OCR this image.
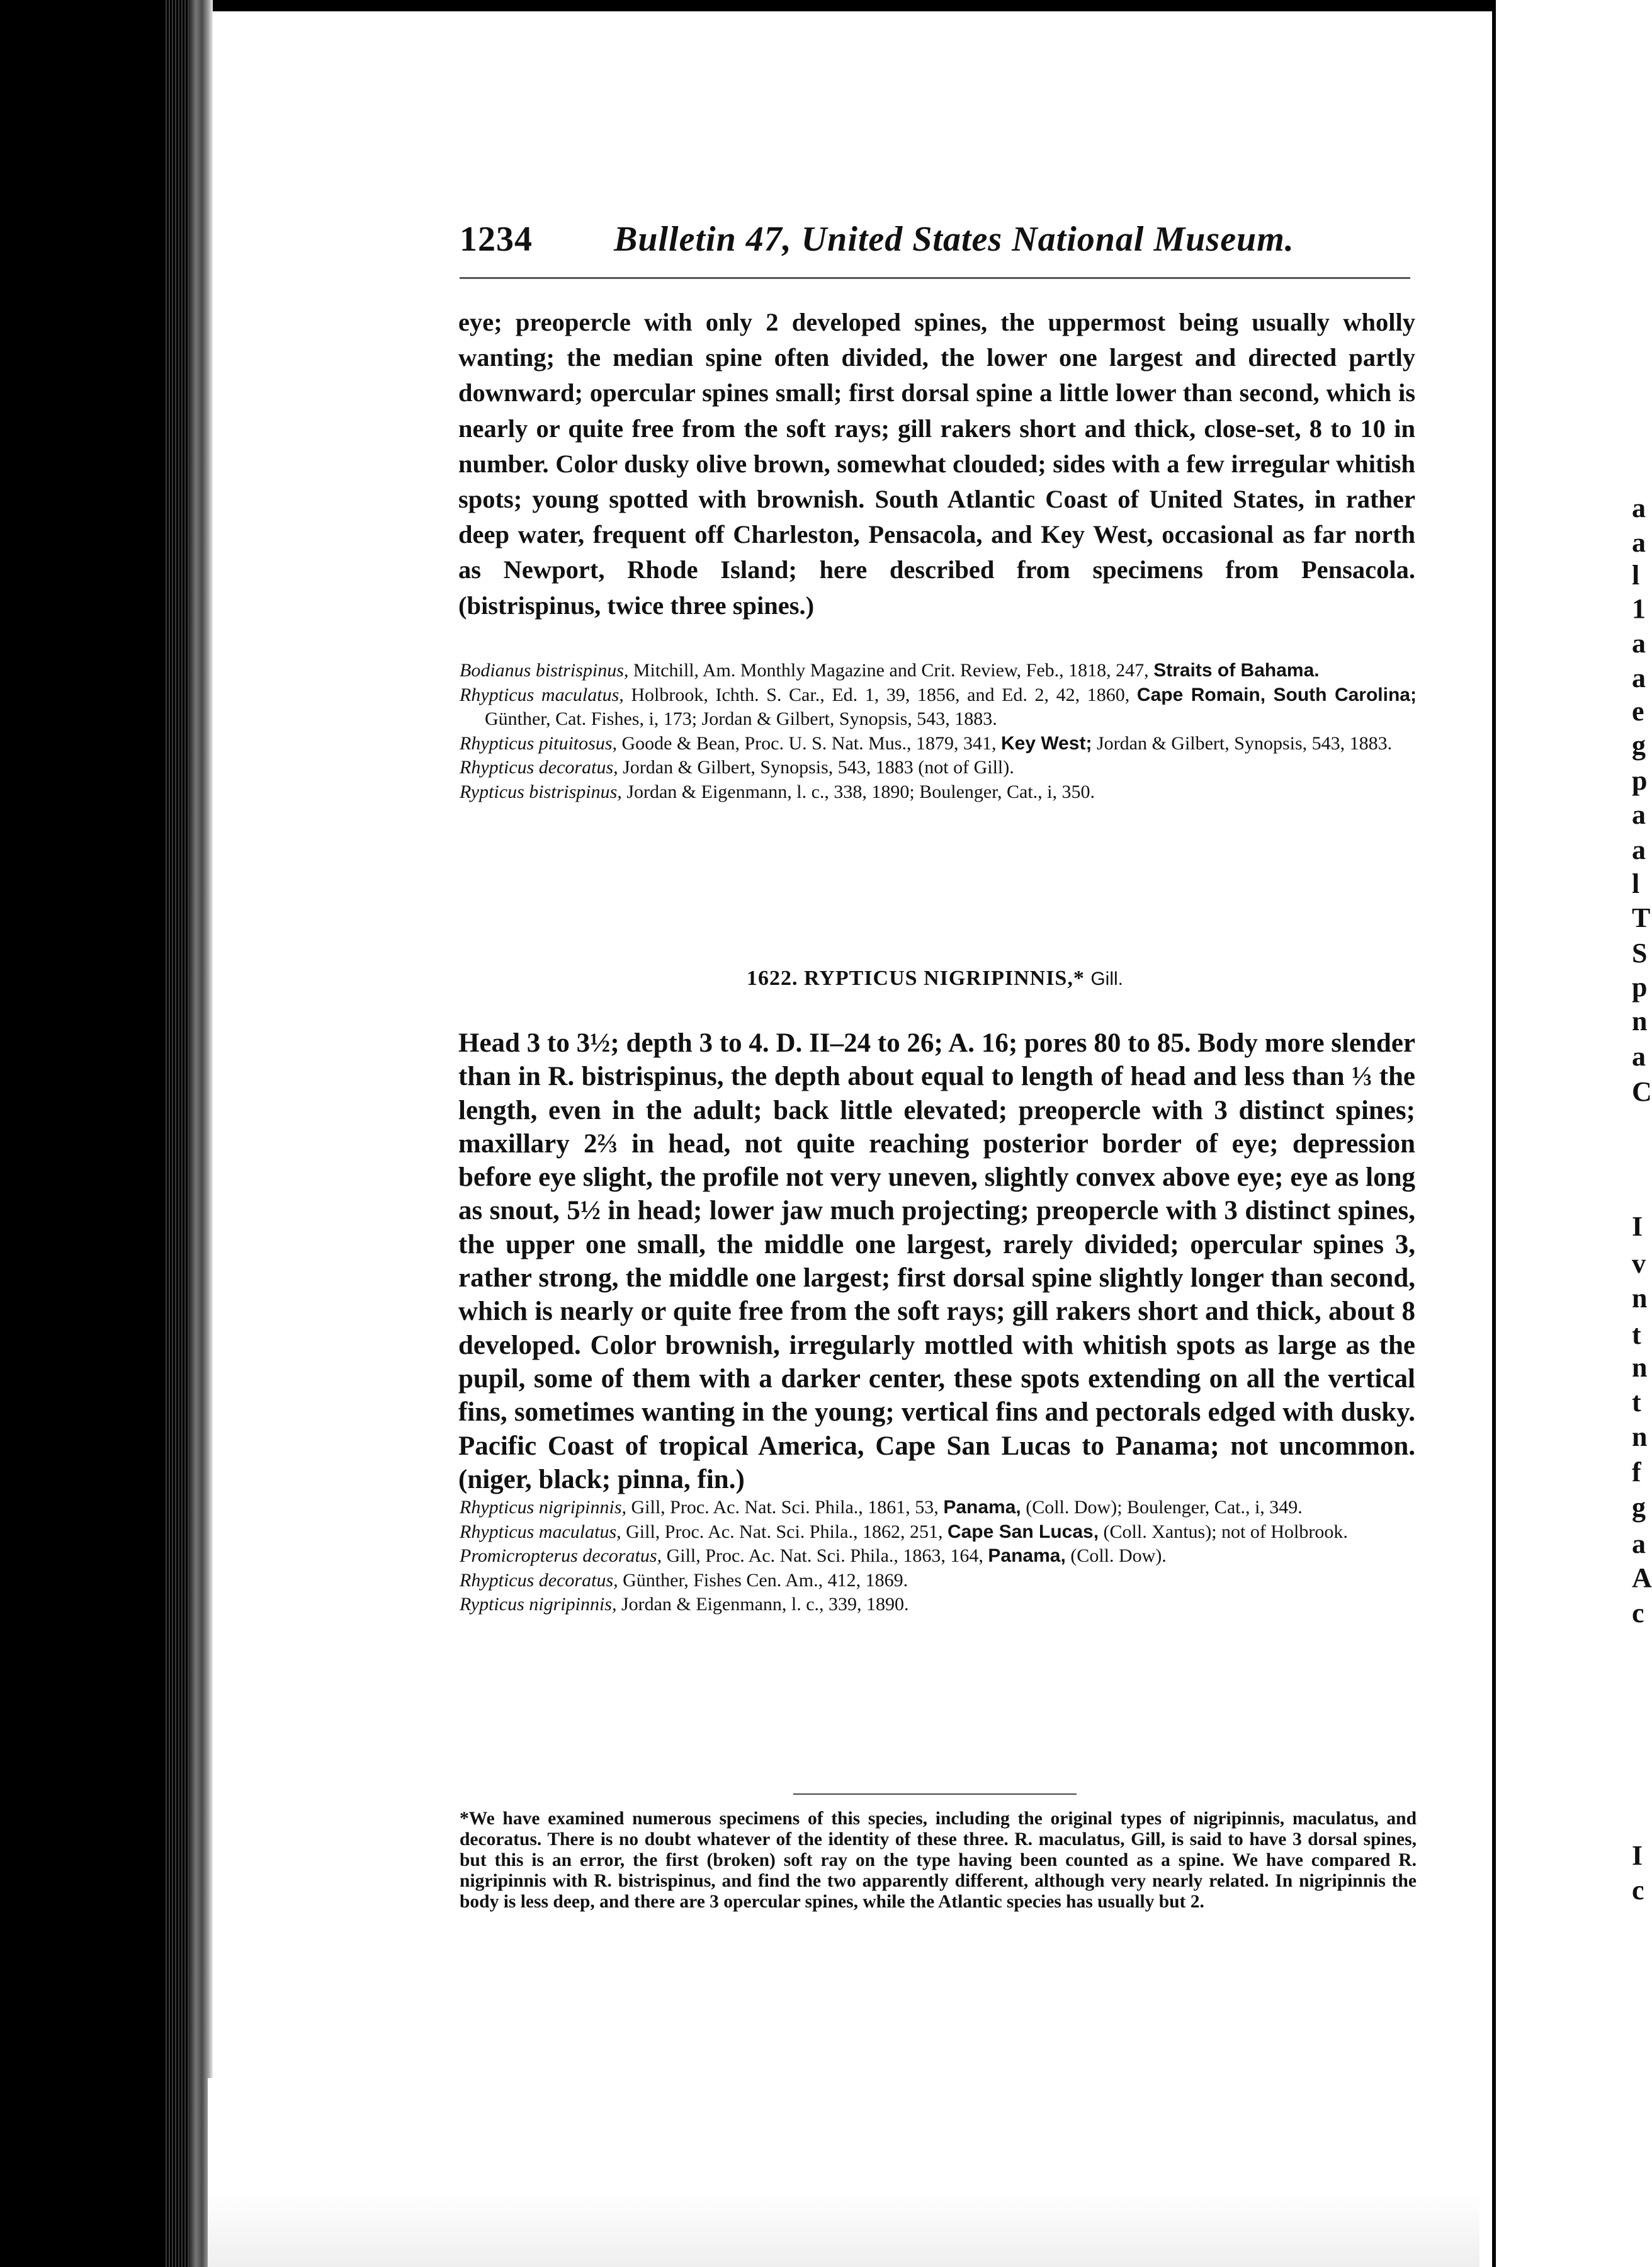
a
a
l
1
a
a
e
g
p
a
a
l
T
S
p
n
a
C
I
v
n
t
n
t
n
f
g
a
A
c
I
c
1234 Bulletin 47, United States National Museum.
eye; preopercle with only 2 developed spines, the uppermost being usually wholly wanting; the median spine often divided, the lower one largest and directed partly downward; opercular spines small; first dorsal spine a little lower than second, which is nearly or quite free from the soft rays; gill rakers short and thick, close-set, 8 to 10 in number. Color dusky olive brown, somewhat clouded; sides with a few irregular whitish spots; young spotted with brownish. South Atlantic Coast of United States, in rather deep water, frequent off Charleston, Pensacola, and Key West, occasional as far north as Newport, Rhode Island; here described from specimens from Pensacola. (bistrispinus, twice three spines.)
Bodianus bistrispinus, Mitchill, Am. Monthly Magazine and Crit. Review, Feb., 1818, 247, Straits of Bahama.
Rhypticus maculatus, Holbrook, Ichth. S. Car., Ed. 1, 39, 1856, and Ed. 2, 42, 1860, Cape Romain, South Carolina; Günther, Cat. Fishes, i, 173; Jordan & Gilbert, Synopsis, 543, 1883.
Rhypticus pituitosus, Goode & Bean, Proc. U. S. Nat. Mus., 1879, 341, Key West; Jordan & Gilbert, Synopsis, 543, 1883.
Rhypticus decoratus, Jordan & Gilbert, Synopsis, 543, 1883 (not of Gill).
Rypticus bistrispinus, Jordan & Eigenmann, l. c., 338, 1890; Boulenger, Cat., i, 350.
1622. RYPTICUS NIGRIPINNIS,* Gill.
Head 3 to 3½; depth 3 to 4. D. II–24 to 26; A. 16; pores 80 to 85. Body more slender than in R. bistrispinus, the depth about equal to length of head and less than ⅓ the length, even in the adult; back little elevated; preopercle with 3 distinct spines; maxillary 2⅔ in head, not quite reaching posterior border of eye; depression before eye slight, the profile not very uneven, slightly convex above eye; eye as long as snout, 5½ in head; lower jaw much projecting; preopercle with 3 distinct spines, the upper one small, the middle one largest, rarely divided; opercular spines 3, rather strong, the middle one largest; first dorsal spine slightly longer than second, which is nearly or quite free from the soft rays; gill rakers short and thick, about 8 developed. Color brownish, irregularly mottled with whitish spots as large as the pupil, some of them with a darker center, these spots extending on all the vertical fins, sometimes wanting in the young; vertical fins and pectorals edged with dusky. Pacific Coast of tropical America, Cape San Lucas to Panama; not uncommon. (niger, black; pinna, fin.)
Rhypticus nigripinnis, Gill, Proc. Ac. Nat. Sci. Phila., 1861, 53, Panama, (Coll. Dow); Boulenger, Cat., i, 349.
Rhypticus maculatus, Gill, Proc. Ac. Nat. Sci. Phila., 1862, 251, Cape San Lucas, (Coll. Xantus); not of Holbrook.
Promicropterus decoratus, Gill, Proc. Ac. Nat. Sci. Phila., 1863, 164, Panama, (Coll. Dow).
Rhypticus decoratus, Günther, Fishes Cen. Am., 412, 1869.
Rypticus nigripinnis, Jordan & Eigenmann, l. c., 339, 1890.
*We have examined numerous specimens of this species, including the original types of nigripinnis, maculatus, and decoratus. There is no doubt whatever of the identity of these three. R. maculatus, Gill, is said to have 3 dorsal spines, but this is an error, the first (broken) soft ray on the type having been counted as a spine. We have compared R. nigripinnis with R. bistrispinus, and find the two apparently different, although very nearly related. In nigripinnis the body is less deep, and there are 3 opercular spines, while the Atlantic species has usually but 2.
